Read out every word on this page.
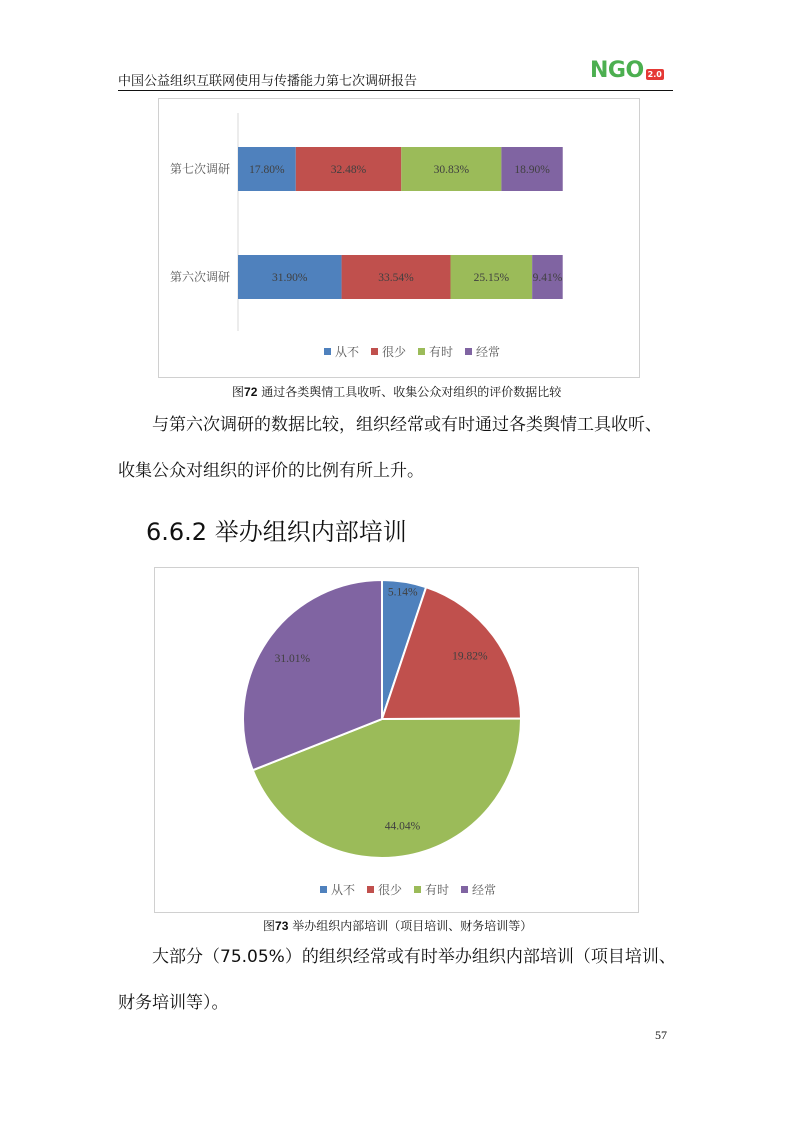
中国公益组织互联网使用与传播能力第七次调研报告	NGO 2.0
第七次调研 17.80%	32.48%	30.83%	18.90%
第六次调研	31.90%	33.54%	25.15% 9.41%
从不 很少 有时 经常
图72 通过各类舆情工具收听、收集公众对组织的评价数据比较
与第六次调研的数据比较，组织经常或有时通过各类舆情工具收听、收集公众对组织的评价的比例有所上升。
6.6.2 举办组织内部培训
5.14%
19.82%
44.04%
31.01%
从不 很少 有时 经常
图73 举办组织内部培训（项目培训、财务培训等）
大部分（75.05%）的组织经常或有时举办组织内部培训（项目培训、财务培训等）。
57
